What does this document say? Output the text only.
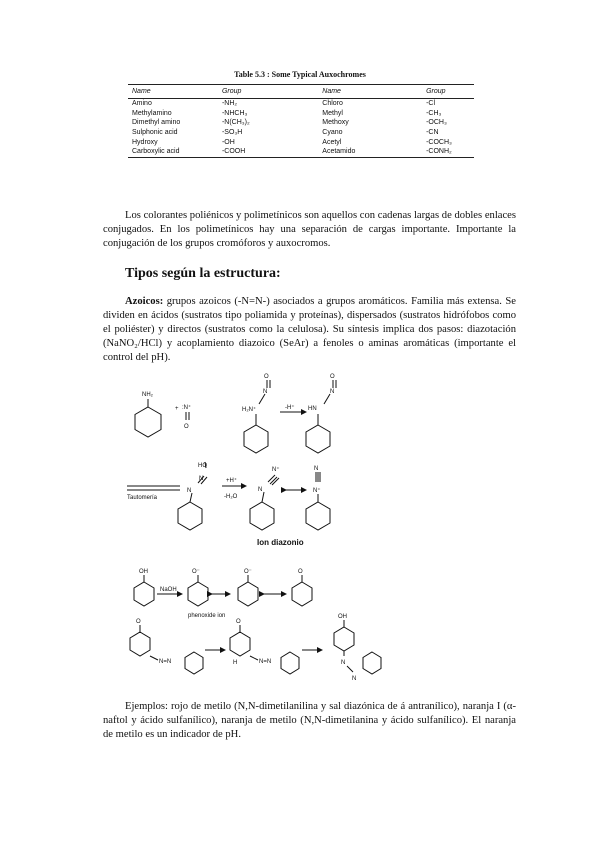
Table 5.3 : Some Typical Auxochromes
Name	Group	Name	Group
Amino	-NH₂	Chloro	-Cl
Methylamino	-NHCH₃	Methyl	-CH₃
Dimethyl amino	-N(CH₃)₂	Methoxy	-OCH₃
Sulphonic acid	-SO₃H	Cyano	-CN
Hydroxy	-OH	Acetyl	-COCH₃
Carboxylic acid	-COOH	Acetamido	-CONH₂

Los colorantes poliénicos y polimetínicos son aquellos con cadenas largas de dobles enlaces conjugados. En los polimetínicos hay una separación de cargas importante. Importante la conjugación de los grupos cromóforos y auxocromos.

Tipos según la estructura:

Azoicos: grupos azoicos (-N=N-) asociados a grupos aromáticos. Familia más extensa. Se dividen en ácidos (sustratos tipo poliamida y proteínas), dispersados (sustratos hidrófobos como el poliéster) y directos (sustratos como la celulosa). Su síntesis implica dos pasos: diazotación (NaNO₂/HCl) y acoplamiento diazoico (SeAr) a fenoles o aminas aromáticas (importante el control del pH).

NH₂
+ :N⁺
O
H₂N⁺
N
O
-H⁺ HN
N
O
HO
N
N
Tautomería
+H⁺
-H₂O
N⁺
N
N
N⁺
Ion diazonio
OH
NaOH
O⁻
phenoxide ion
O⁻	O
O
N=N
O
H	N=N
OH
N
N

Ejemplos: rojo de metilo (N,N-dimetilanilina y sal diazónica de á antranílico), naranja I (α-naftol y ácido sulfanílico), naranja de metilo (N,N-dimetilanina y ácido sulfanílico). El naranja de metilo es un indicador de pH.
